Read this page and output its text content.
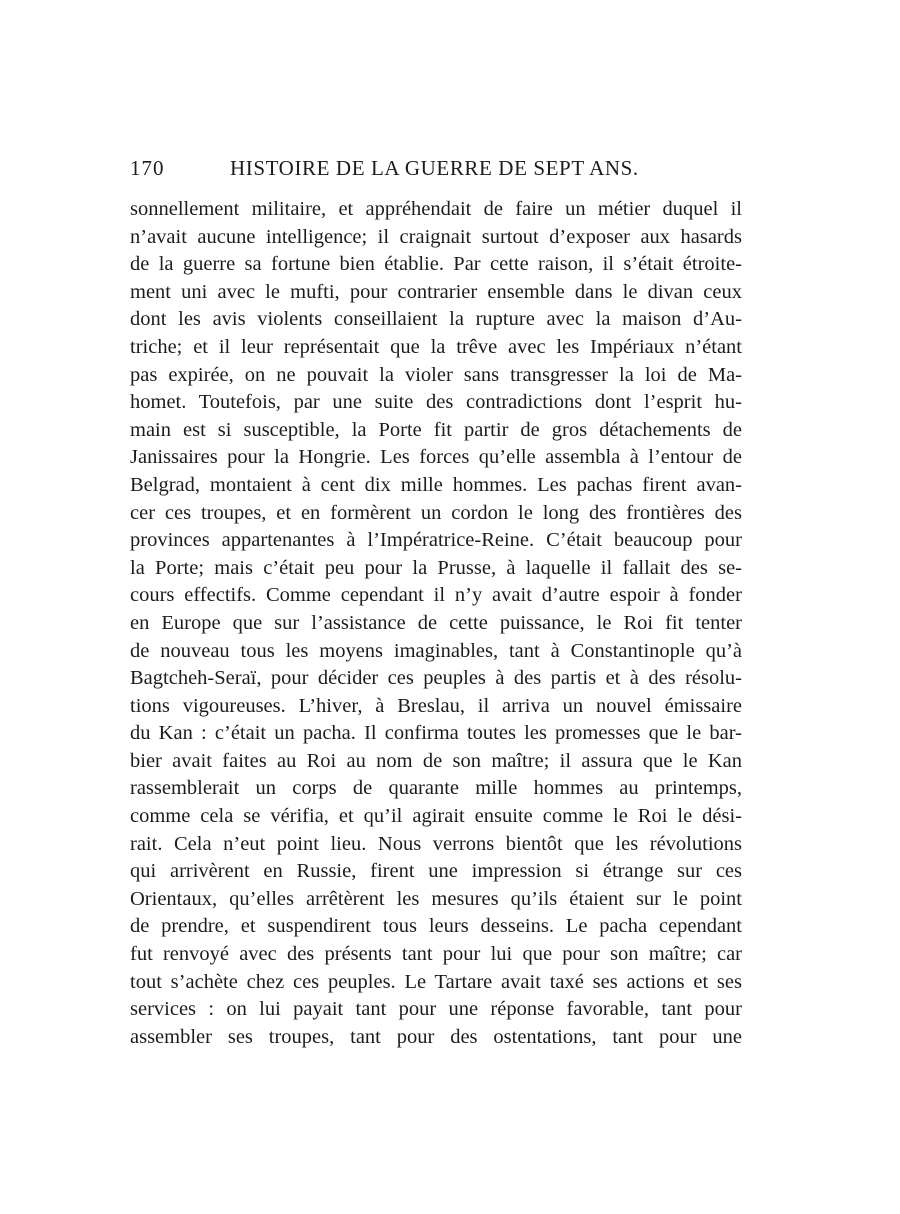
170	HISTOIRE DE LA GUERRE DE SEPT ANS.
sonnellement militaire, et appréhendait de faire un métier duquel il
n’avait aucune intelligence; il craignait surtout d’exposer aux hasards
de la guerre sa fortune bien établie. Par cette raison, il s’était étroite-
ment uni avec le mufti, pour contrarier ensemble dans le divan ceux
dont les avis violents conseillaient la rupture avec la maison d’Au-
triche; et il leur représentait que la trêve avec les Impériaux n’étant
pas expirée, on ne pouvait la violer sans transgresser la loi de Ma-
homet. Toutefois, par une suite des contradictions dont l’esprit hu-
main est si susceptible, la Porte fit partir de gros détachements de
Janissaires pour la Hongrie. Les forces qu’elle assembla à l’entour de
Belgrad, montaient à cent dix mille hommes. Les pachas firent avan-
cer ces troupes, et en formèrent un cordon le long des frontières des
provinces appartenantes à l’Impératrice-Reine. C’était beaucoup pour
la Porte; mais c’était peu pour la Prusse, à laquelle il fallait des se-
cours effectifs. Comme cependant il n’y avait d’autre espoir à fonder
en Europe que sur l’assistance de cette puissance, le Roi fit tenter
de nouveau tous les moyens imaginables, tant à Constantinople qu’à
Bagtcheh-Seraï, pour décider ces peuples à des partis et à des résolu-
tions vigoureuses. L’hiver, à Breslau, il arriva un nouvel émissaire
du Kan : c’était un pacha. Il confirma toutes les promesses que le bar-
bier avait faites au Roi au nom de son maître; il assura que le Kan
rassemblerait un corps de quarante mille hommes au printemps,
comme cela se vérifia, et qu’il agirait ensuite comme le Roi le dési-
rait. Cela n’eut point lieu. Nous verrons bientôt que les révolutions
qui arrivèrent en Russie, firent une impression si étrange sur ces
Orientaux, qu’elles arrêtèrent les mesures qu’ils étaient sur le point
de prendre, et suspendirent tous leurs desseins. Le pacha cependant
fut renvoyé avec des présents tant pour lui que pour son maître; car
tout s’achète chez ces peuples. Le Tartare avait taxé ses actions et ses
services : on lui payait tant pour une réponse favorable, tant pour
assembler ses troupes, tant pour des ostentations, tant pour une
